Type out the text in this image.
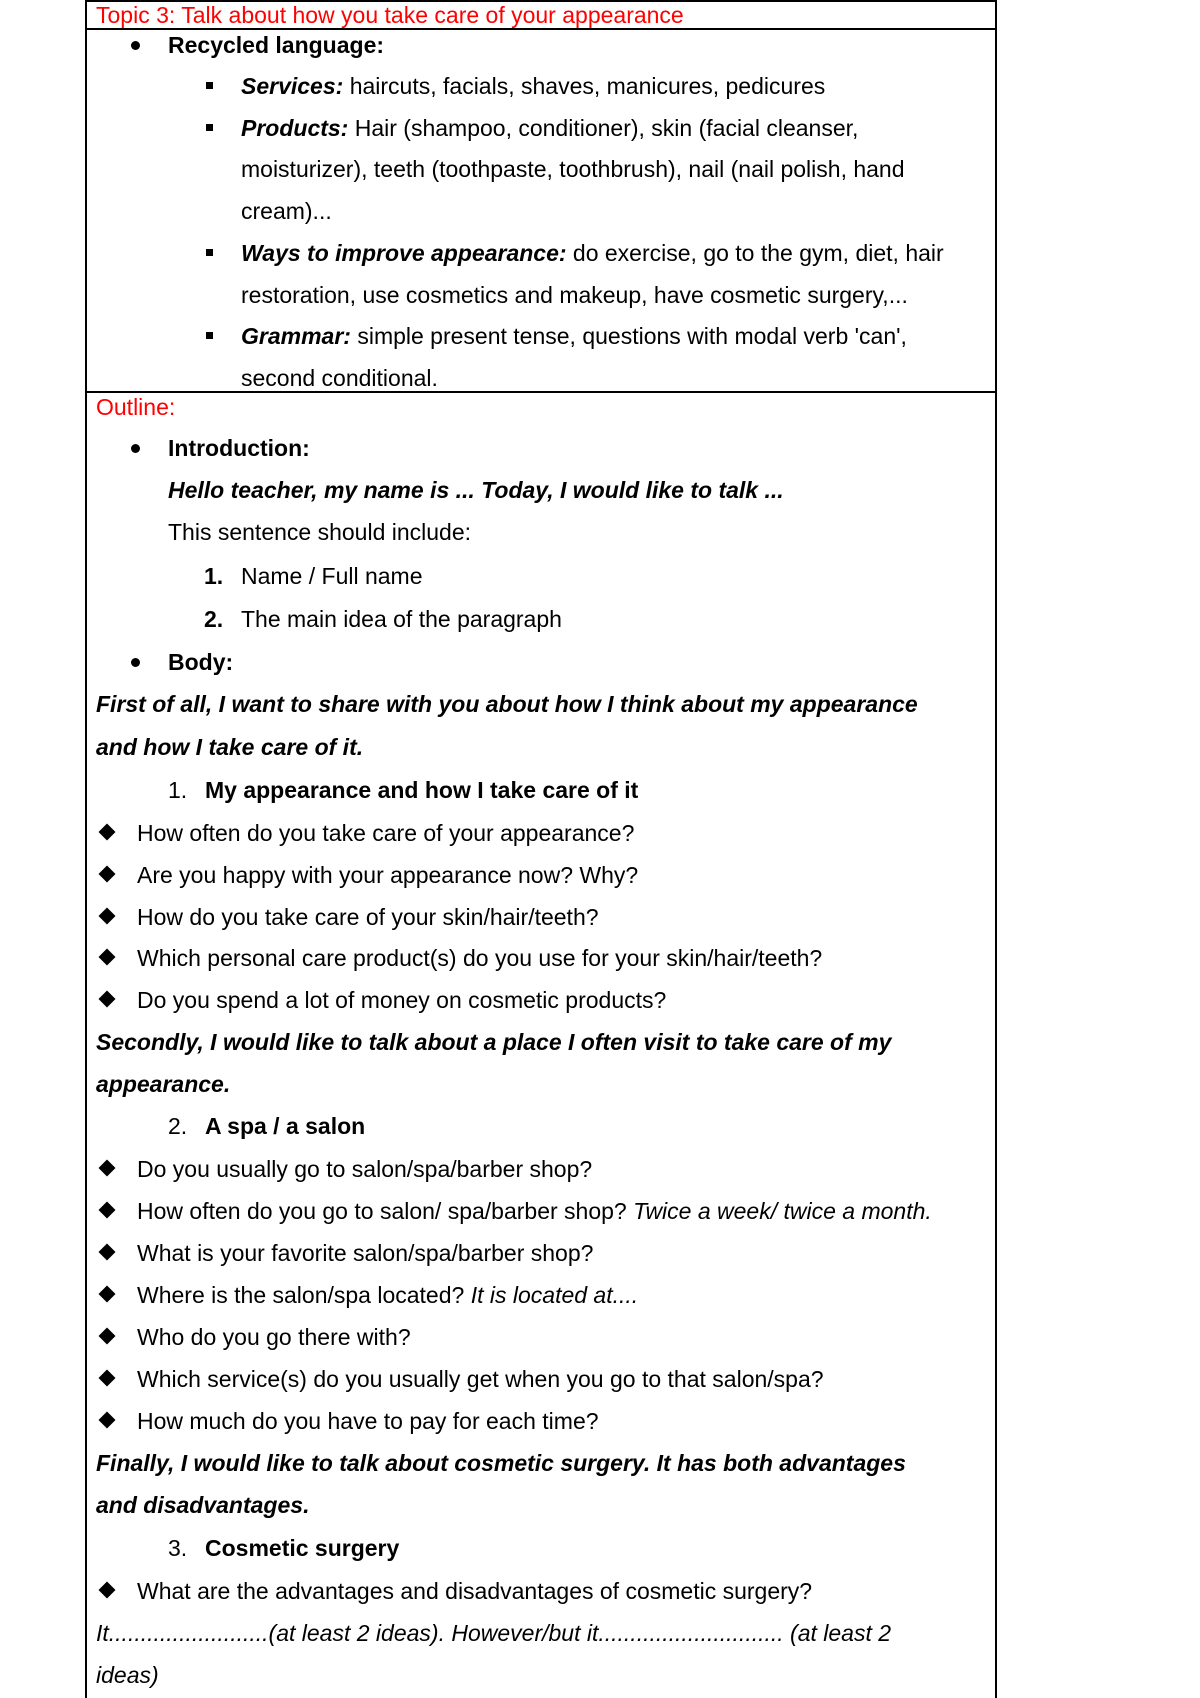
Topic 3: Talk about how you take care of your appearance
Recycled language:
Services: haircuts, facials, shaves, manicures, pedicures
Products: Hair (shampoo, conditioner), skin (facial cleanser,
moisturizer), teeth (toothpaste, toothbrush), nail (nail polish, hand
cream)...
Ways to improve appearance: do exercise, go to the gym, diet, hair
restoration, use cosmetics and makeup, have cosmetic surgery,...
Grammar: simple present tense, questions with modal verb 'can',
second conditional.
Outline:
Introduction:
Hello teacher, my name is ... Today, I would like to talk ...
This sentence should include:
1. Name / Full name
2. The main idea of the paragraph
Body:
First of all, I want to share with you about how I think about my appearance
and how I take care of it.
1. My appearance and how I take care of it
How often do you take care of your appearance?
Are you happy with your appearance now? Why?
How do you take care of your skin/hair/teeth?
Which personal care product(s) do you use for your skin/hair/teeth?
Do you spend a lot of money on cosmetic products?
Secondly, I would like to talk about a place I often visit to take care of my
appearance.
2. A spa / a salon
Do you usually go to salon/spa/barber shop?
How often do you go to salon/ spa/barber shop? Twice a week/ twice a month.
What is your favorite salon/spa/barber shop?
Where is the salon/spa located? It is located at....
Who do you go there with?
Which service(s) do you usually get when you go to that salon/spa?
How much do you have to pay for each time?
Finally, I would like to talk about cosmetic surgery. It has both advantages
and disadvantages.
3. Cosmetic surgery
What are the advantages and disadvantages of cosmetic surgery?
It.........................(at least 2 ideas). However/but it............................. (at least 2
ideas)
